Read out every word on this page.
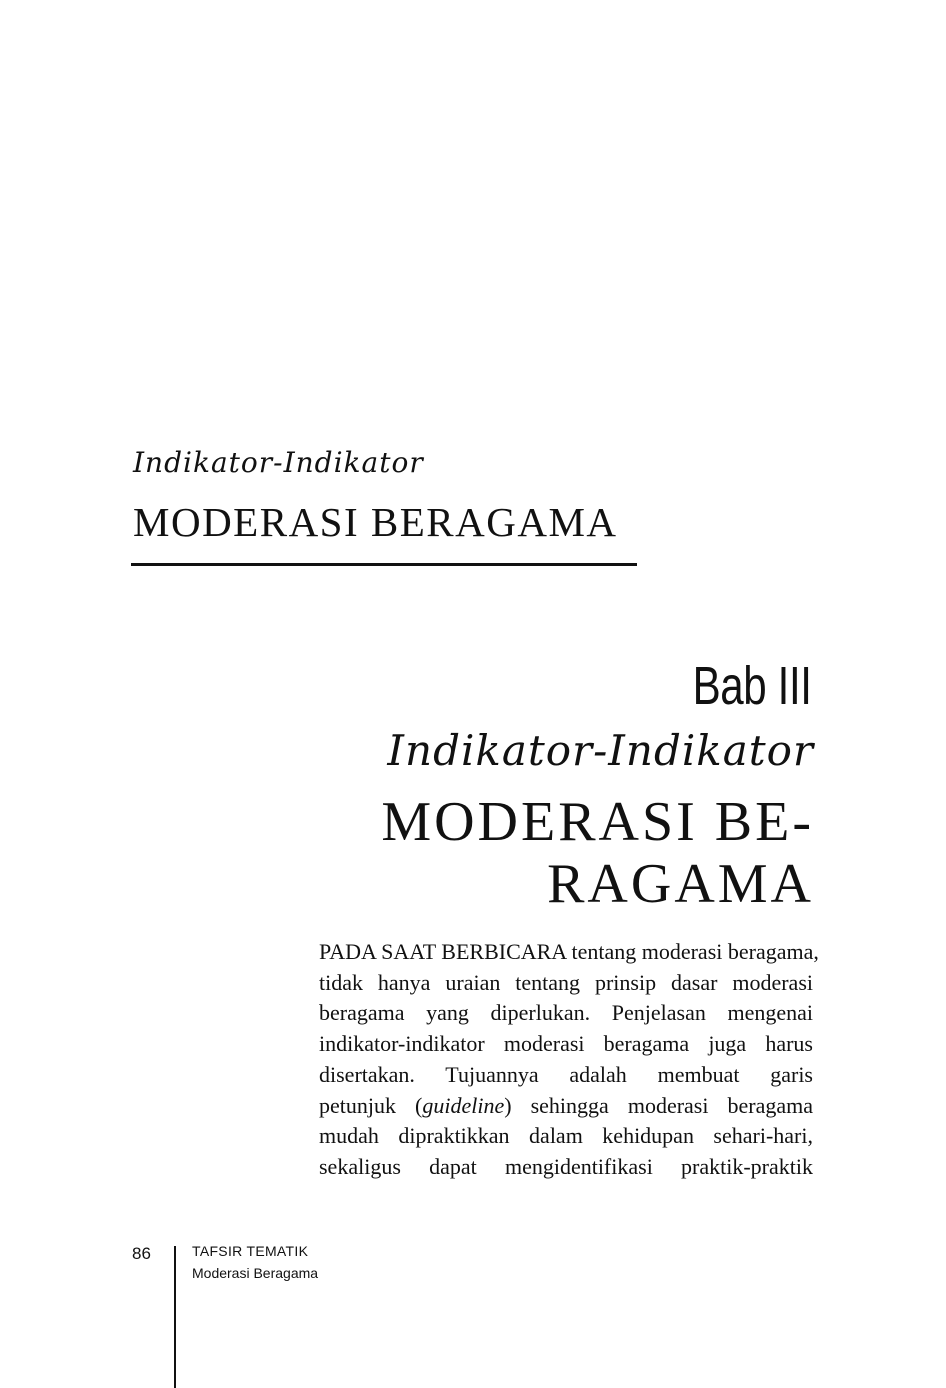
Indikator-Indikator
MODERASI BERAGAMA
Bab III
Indikator-Indikator
MODERASI BE-
RAGAMA
PADA SAAT BERBICARA tentang moderasi beragama,
tidak hanya uraian tentang prinsip dasar moderasi
beragama yang diperlukan. Penjelasan mengenai
indikator-indikator moderasi beragama juga harus
disertakan. Tujuannya adalah membuat garis
petunjuk (guideline) sehingga moderasi beragama
mudah dipraktikkan dalam kehidupan sehari-hari,
sekaligus dapat mengidentifikasi praktik-praktik
86	TAFSIR TEMATIK
Moderasi Beragama
